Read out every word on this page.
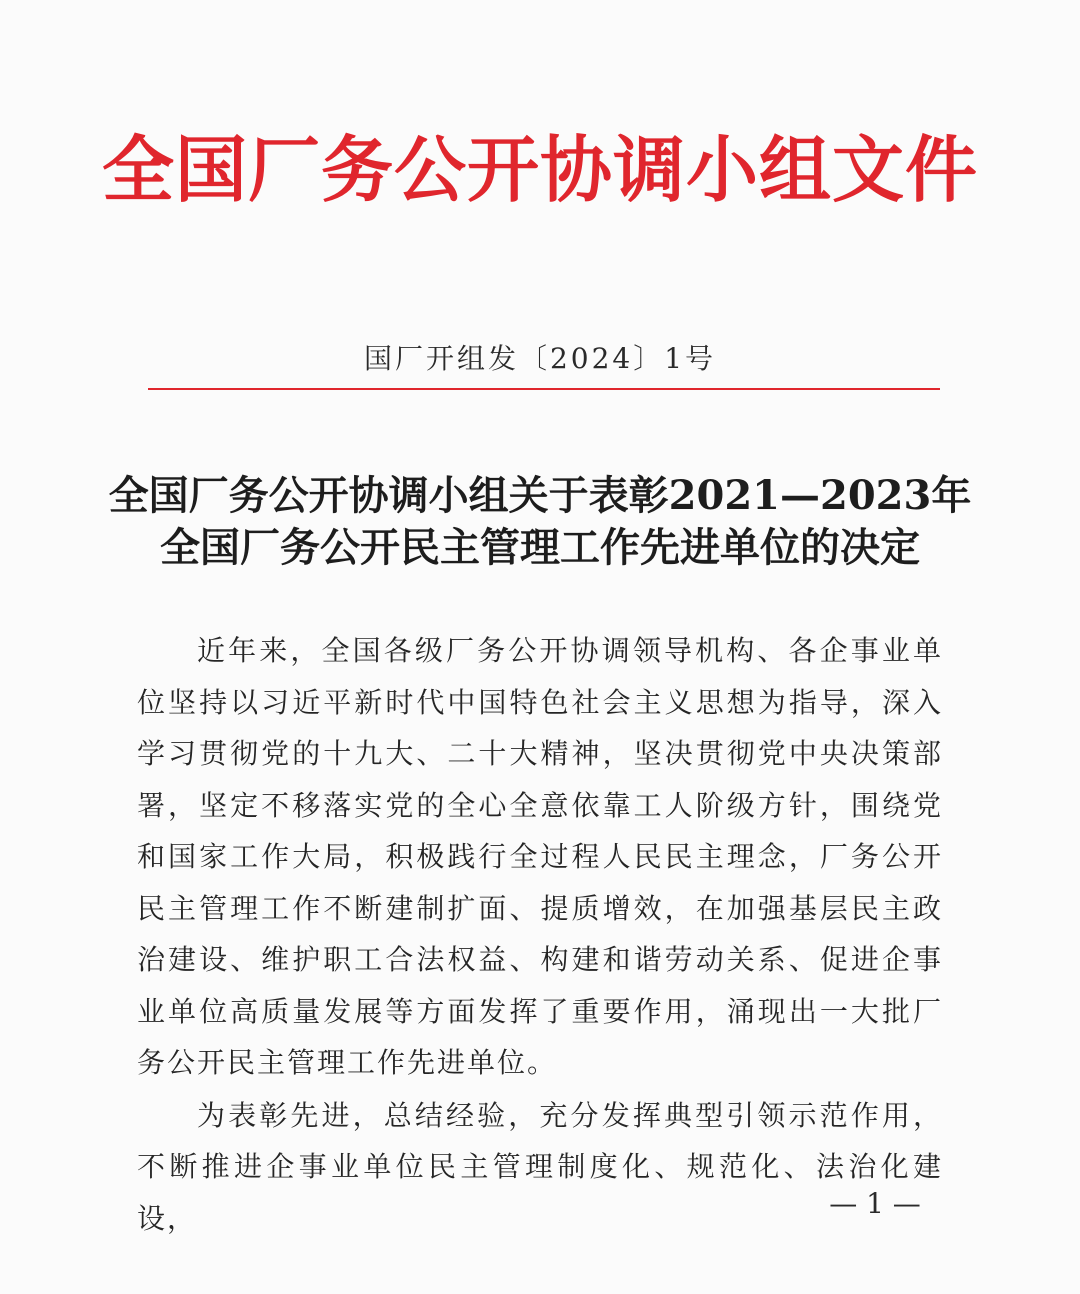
全国厂务公开协调小组文件
国厂开组发〔2024〕1号
全国厂务公开协调小组关于表彰2021—2023年
全国厂务公开民主管理工作先进单位的决定

近年来，全国各级厂务公开协调领导机构、各企事业单位坚持以习近平新时代中国特色社会主义思想为指导，深入学习贯彻党的十九大、二十大精神，坚决贯彻党中央决策部署，坚定不移落实党的全心全意依靠工人阶级方针，围绕党和国家工作大局，积极践行全过程人民民主理念，厂务公开民主管理工作不断建制扩面、提质增效，在加强基层民主政治建设、维护职工合法权益、构建和谐劳动关系、促进企事业单位高质量发展等方面发挥了重要作用，涌现出一大批厂务公开民主管理工作先进单位。

为表彰先进，总结经验，充分发挥典型引领示范作用，不断推进企事业单位民主管理制度化、规范化、法治化建设，	— 1 —
